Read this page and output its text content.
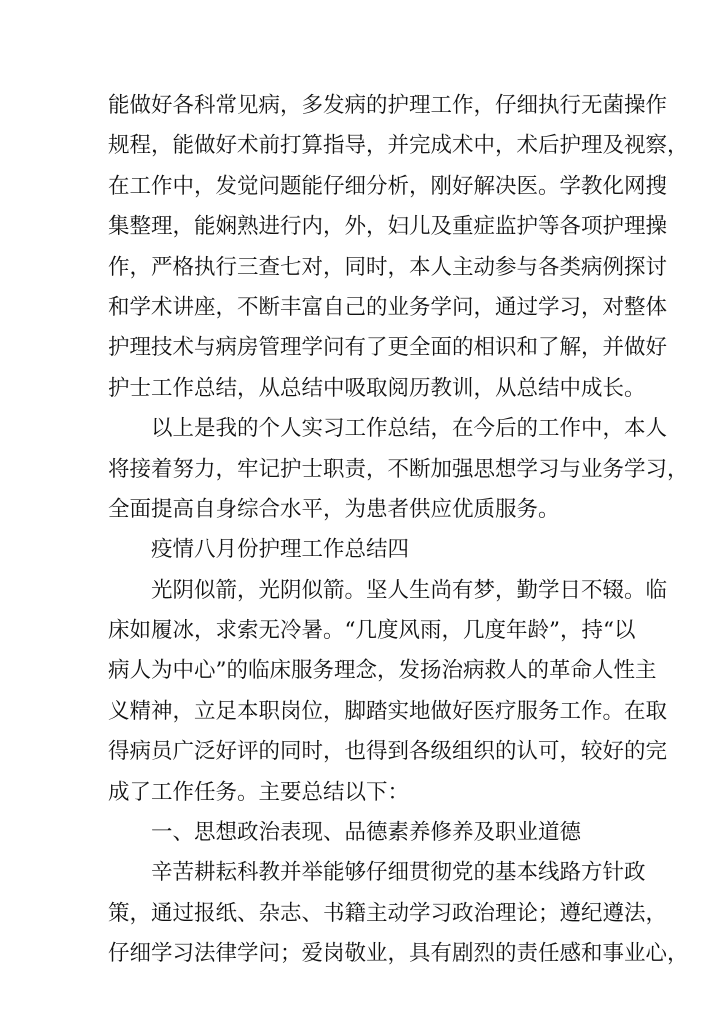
能做好各科常见病，多发病的护理工作，仔细执行无菌操作
规程，能做好术前打算指导，并完成术中，术后护理及视察，
在工作中，发觉问题能仔细分析，刚好解决医。学教化网搜
集整理，能娴熟进行内，外，妇儿及重症监护等各项护理操
作，严格执行三查七对，同时，本人主动参与各类病例探讨
和学术讲座，不断丰富自己的业务学问，通过学习，对整体
护理技术与病房管理学问有了更全面的相识和了解，并做好
护士工作总结，从总结中吸取阅历教训，从总结中成长。
以上是我的个人实习工作总结，在今后的工作中，本人
将接着努力，牢记护士职责，不断加强思想学习与业务学习，
全面提高自身综合水平，为患者供应优质服务。
疫情八月份护理工作总结四
光阴似箭，光阴似箭。坚人生尚有梦，勤学日不辍。临
床如履冰，求索无冷暑。“几度风雨，几度年龄”，持“以
病人为中心”的临床服务理念，发扬治病救人的革命人性主
义精神，立足本职岗位，脚踏实地做好医疗服务工作。在取
得病员广泛好评的同时，也得到各级组织的认可，较好的完
成了工作任务。主要总结以下：
一、思想政治表现、品德素养修养及职业道德
辛苦耕耘科教并举能够仔细贯彻党的基本线路方针政
策，通过报纸、杂志、书籍主动学习政治理论；遵纪遵法，
仔细学习法律学问；爱岗敬业，具有剧烈的责任感和事业心，
